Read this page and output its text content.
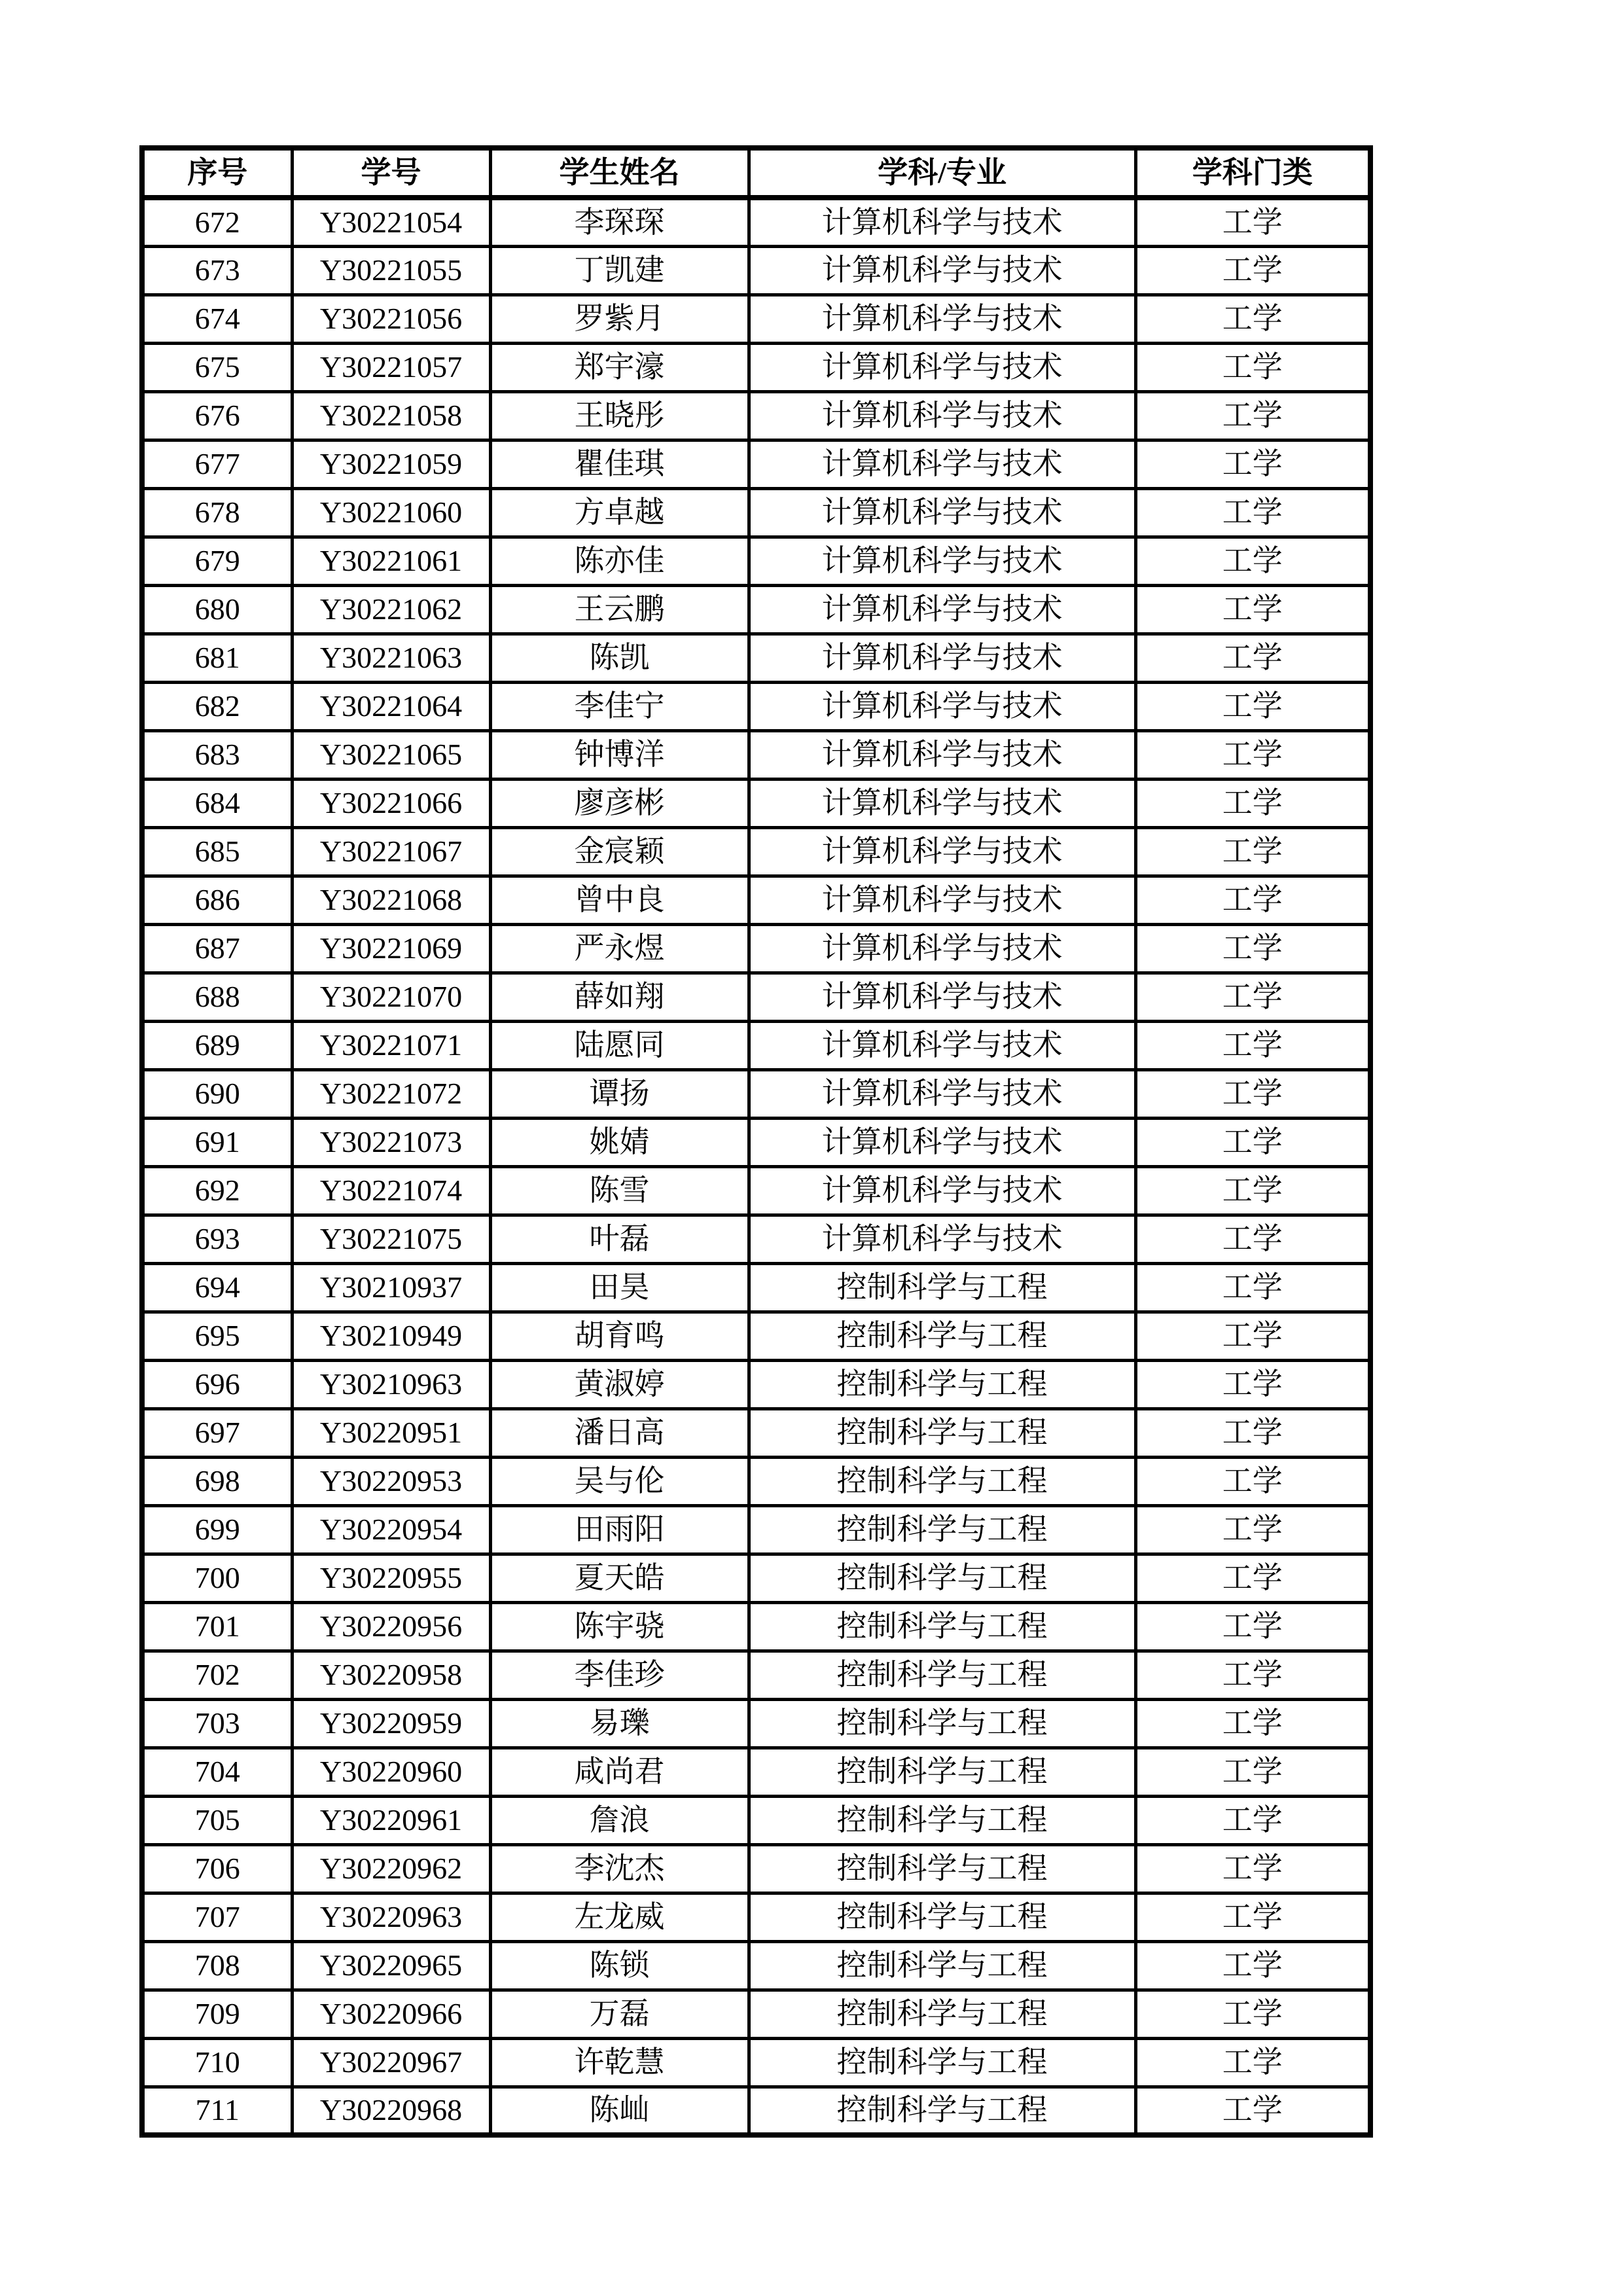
序号	学号	学生姓名	学科/专业	学科门类
672	Y30221054	李琛琛	计算机科学与技术	工学
673	Y30221055	丁凯建	计算机科学与技术	工学
674	Y30221056	罗紫月	计算机科学与技术	工学
675	Y30221057	郑宇濠	计算机科学与技术	工学
676	Y30221058	王晓彤	计算机科学与技术	工学
677	Y30221059	瞿佳琪	计算机科学与技术	工学
678	Y30221060	方卓越	计算机科学与技术	工学
679	Y30221061	陈亦佳	计算机科学与技术	工学
680	Y30221062	王云鹏	计算机科学与技术	工学
681	Y30221063	陈凯	计算机科学与技术	工学
682	Y30221064	李佳宁	计算机科学与技术	工学
683	Y30221065	钟博洋	计算机科学与技术	工学
684	Y30221066	廖彦彬	计算机科学与技术	工学
685	Y30221067	金宸颖	计算机科学与技术	工学
686	Y30221068	曾中良	计算机科学与技术	工学
687	Y30221069	严永煜	计算机科学与技术	工学
688	Y30221070	薛如翔	计算机科学与技术	工学
689	Y30221071	陆愿同	计算机科学与技术	工学
690	Y30221072	谭扬	计算机科学与技术	工学
691	Y30221073	姚婧	计算机科学与技术	工学
692	Y30221074	陈雪	计算机科学与技术	工学
693	Y30221075	叶磊	计算机科学与技术	工学
694	Y30210937	田昊	控制科学与工程	工学
695	Y30210949	胡育鸣	控制科学与工程	工学
696	Y30210963	黄淑婷	控制科学与工程	工学
697	Y30220951	潘日高	控制科学与工程	工学
698	Y30220953	吴与伦	控制科学与工程	工学
699	Y30220954	田雨阳	控制科学与工程	工学
700	Y30220955	夏天皓	控制科学与工程	工学
701	Y30220956	陈宇骁	控制科学与工程	工学
702	Y30220958	李佳珍	控制科学与工程	工学
703	Y30220959	易瓅	控制科学与工程	工学
704	Y30220960	咸尚君	控制科学与工程	工学
705	Y30220961	詹浪	控制科学与工程	工学
706	Y30220962	李沈杰	控制科学与工程	工学
707	Y30220963	左龙威	控制科学与工程	工学
708	Y30220965	陈锁	控制科学与工程	工学
709	Y30220966	万磊	控制科学与工程	工学
710	Y30220967	许乾慧	控制科学与工程	工学
711	Y30220968	陈屾	控制科学与工程	工学
